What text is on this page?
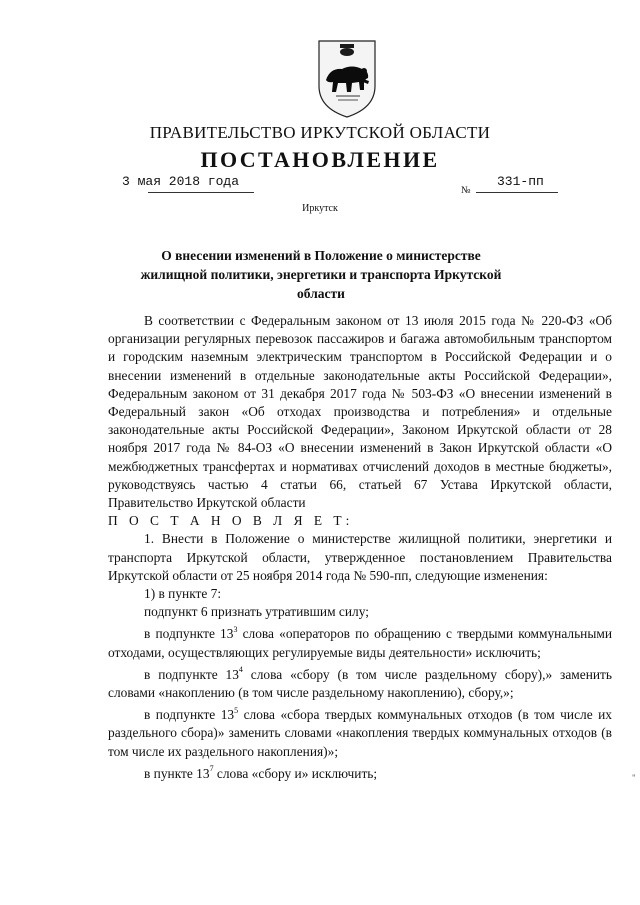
ПРАВИТЕЛЬСТВО ИРКУТСКОЙ ОБЛАСТИ
ПОСТАНОВЛЕНИЕ
3 мая 2018 года
№
331-пп
Иркутск
О внесении изменений в Положение о министерстве жилищной политики, энергетики и транспорта Иркутской области

В соответствии с Федеральным законом от 13 июля 2015 года № 220-ФЗ «Об организации регулярных перевозок пассажиров и багажа автомобильным транспортом и городским наземным электрическим транспортом в Российской Федерации и о внесении изменений в отдельные законодательные акты Российской Федерации», Федеральным законом от 31 декабря 2017 года № 503-ФЗ «О внесении изменений в Федеральный закон «Об отходах производства и потребления» и отдельные законодательные акты Российской Федерации», Законом Иркутской области от 28 ноября 2017 года № 84-ОЗ «О внесении изменений в Закон Иркутской области «О межбюджетных трансфертах и нормативах отчислений доходов в местные бюджеты», руководствуясь частью 4 статьи 66, статьей 67 Устава Иркутской области, Правительство Иркутской области

П О С Т А Н О В Л Я Е Т:

1. Внести в Положение о министерстве жилищной политики, энергетики и транспорта Иркутской области, утвержденное постановлением Правительства Иркутской области от 25 ноября 2014 года № 590-пп, следующие изменения:

1) в пункте 7:

подпункт 6 признать утратившим силу;

в подпункте $13^3$ слова «операторов по обращению с твердыми коммунальными отходами, осуществляющих регулируемые виды деятельности» исключить;

в подпункте $13^4$ слова «сбору (в том числе раздельному сбору),» заменить словами «накоплению (в том числе раздельному накоплению), сбору,»;

в подпункте $13^5$ слова «сбора твердых коммунальных отходов (в том числе их раздельного сбора)» заменить словами «накопления твердых коммунальных отходов (в том числе их раздельного накопления)»;

в пункте $13^7$ слова «сбору и» исключить;	"
